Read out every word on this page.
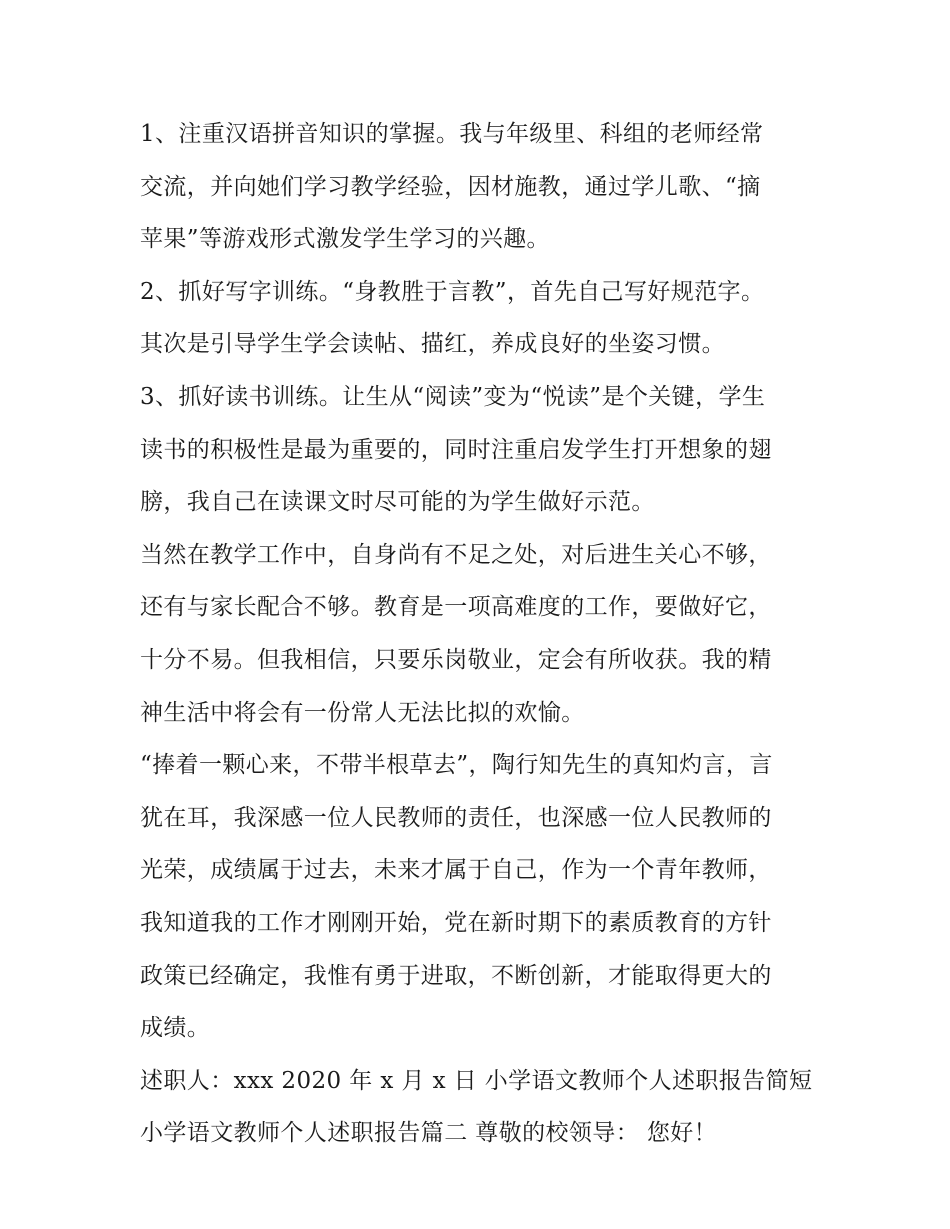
1、注重汉语拼音知识的掌握。我与年级里、科组的老师经常
交流，并向她们学习教学经验，因材施教，通过学儿歌、“摘
苹果”等游戏形式激发学生学习的兴趣。
2、抓好写字训练。“身教胜于言教”，首先自己写好规范字。
其次是引导学生学会读帖、描红，养成良好的坐姿习惯。
3、抓好读书训练。让生从“阅读”变为“悦读”是个关键，学生
读书的积极性是最为重要的，同时注重启发学生打开想象的翅
膀，我自己在读课文时尽可能的为学生做好示范。
当然在教学工作中，自身尚有不足之处，对后进生关心不够，
还有与家长配合不够。教育是一项高难度的工作，要做好它，
十分不易。但我相信，只要乐岗敬业，定会有所收获。我的精
神生活中将会有一份常人无法比拟的欢愉。
“捧着一颗心来，不带半根草去”，陶行知先生的真知灼言，言
犹在耳，我深感一位人民教师的责任，也深感一位人民教师的
光荣，成绩属于过去，未来才属于自己，作为一个青年教师，
我知道我的工作才刚刚开始，党在新时期下的素质教育的方针
政策已经确定，我惟有勇于进取，不断创新，才能取得更大的
成绩。
述职人：xxx 2020 年 x 月 x 日 小学语文教师个人述职报告简短
小学语文教师个人述职报告篇二 尊敬的校领导： 您好！
